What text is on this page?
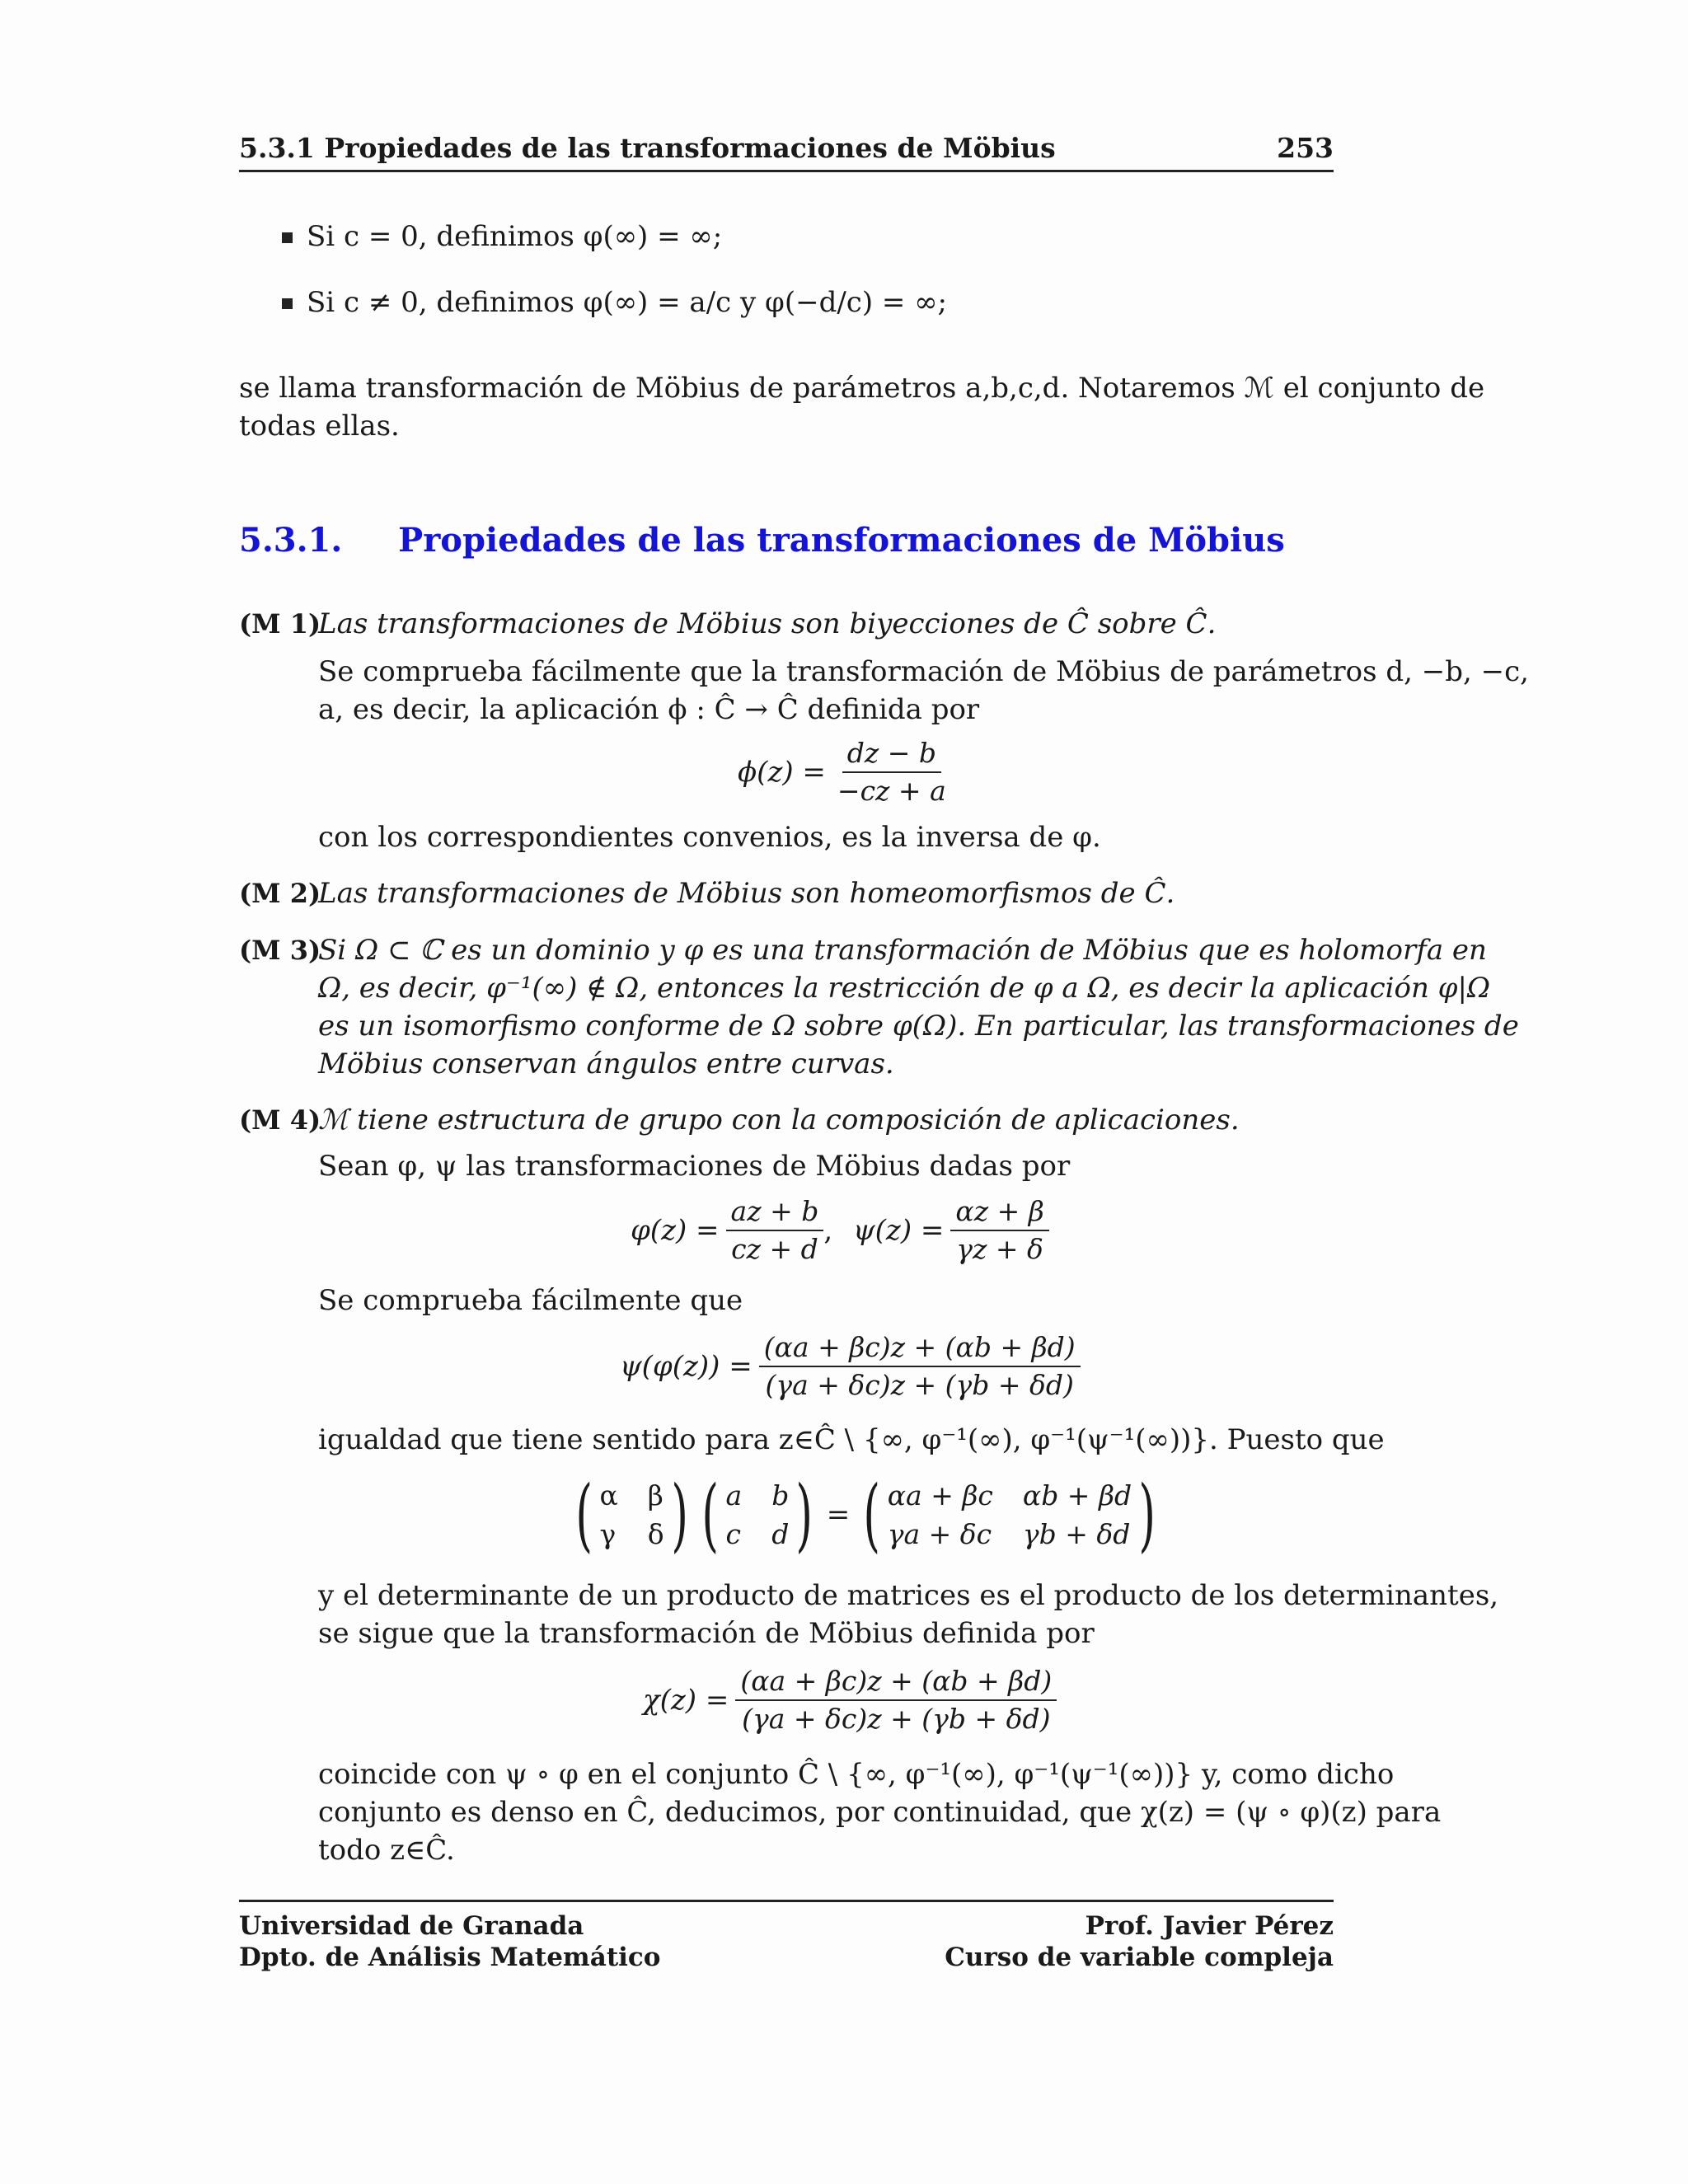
5.3.1 Propiedades de las transformaciones de Möbius	253
Si c = 0, definimos φ(∞) = ∞;
Si c ≠ 0, definimos φ(∞) = a/c y φ(−d/c) = ∞;
se llama transformación de Möbius de parámetros a,b,c,d. Notaremos ℳ el conjunto de
todas ellas.
5.3.1. Propiedades de las transformaciones de Möbius
(M 1)
Las transformaciones de Möbius son biyecciones de Ĉ sobre Ĉ.
Se comprueba fácilmente que la transformación de Möbius de parámetros d, −b, −c,
a, es decir, la aplicación ϕ : Ĉ → Ĉ definida por
$\phi(z) = \frac{dz - b}{-cz + a}$
con los correspondientes convenios, es la inversa de φ.
(M 2)
Las transformaciones de Möbius son homeomorfismos de Ĉ.
(M 3)
Si Ω ⊂ ℂ es un dominio y φ es una transformación de Möbius que es holomorfa en
Ω, es decir, φ⁻¹(∞) ∉ Ω, entonces la restricción de φ a Ω, es decir la aplicación φ|Ω
es un isomorfismo conforme de Ω sobre φ(Ω). En particular, las transformaciones de
Möbius conservan ángulos entre curvas.
(M 4)
ℳ tiene estructura de grupo con la composición de aplicaciones.
Sean φ, ψ las transformaciones de Möbius dadas por
$\varphi(z) = \frac{az + b}{cz + d}$ , $\psi(z) = \frac{\alpha z + \beta}{\gamma z + \delta}$
Se comprueba fácilmente que
$\psi(\varphi(z)) = \frac{(\alpha a + \beta c)z + (\alpha b + \beta d)}{(\gamma a + \delta c)z + (\gamma b + \delta d)}$
igualdad que tiene sentido para z∈Ĉ \ {∞, φ⁻¹(∞), φ⁻¹(ψ⁻¹(∞))}. Puesto que
( α β
γ δ ) ( a b
c d ) = ( αa + βc αb + βd
γa + δc γb + δd )
y el determinante de un producto de matrices es el producto de los determinantes,
se sigue que la transformación de Möbius definida por
$\chi(z) = \frac{(\alpha a + \beta c)z + (\alpha b + \beta d)}{(\gamma a + \delta c)z + (\gamma b + \delta d)}$
coincide con ψ ∘ φ en el conjunto Ĉ \ {∞, φ⁻¹(∞), φ⁻¹(ψ⁻¹(∞))} y, como dicho
conjunto es denso en Ĉ, deducimos, por continuidad, que χ(z) = (ψ ∘ φ)(z) para
todo z∈Ĉ.
Universidad de Granada
Dpto. de Análisis Matemático
Prof. Javier Pérez
Curso de variable compleja
